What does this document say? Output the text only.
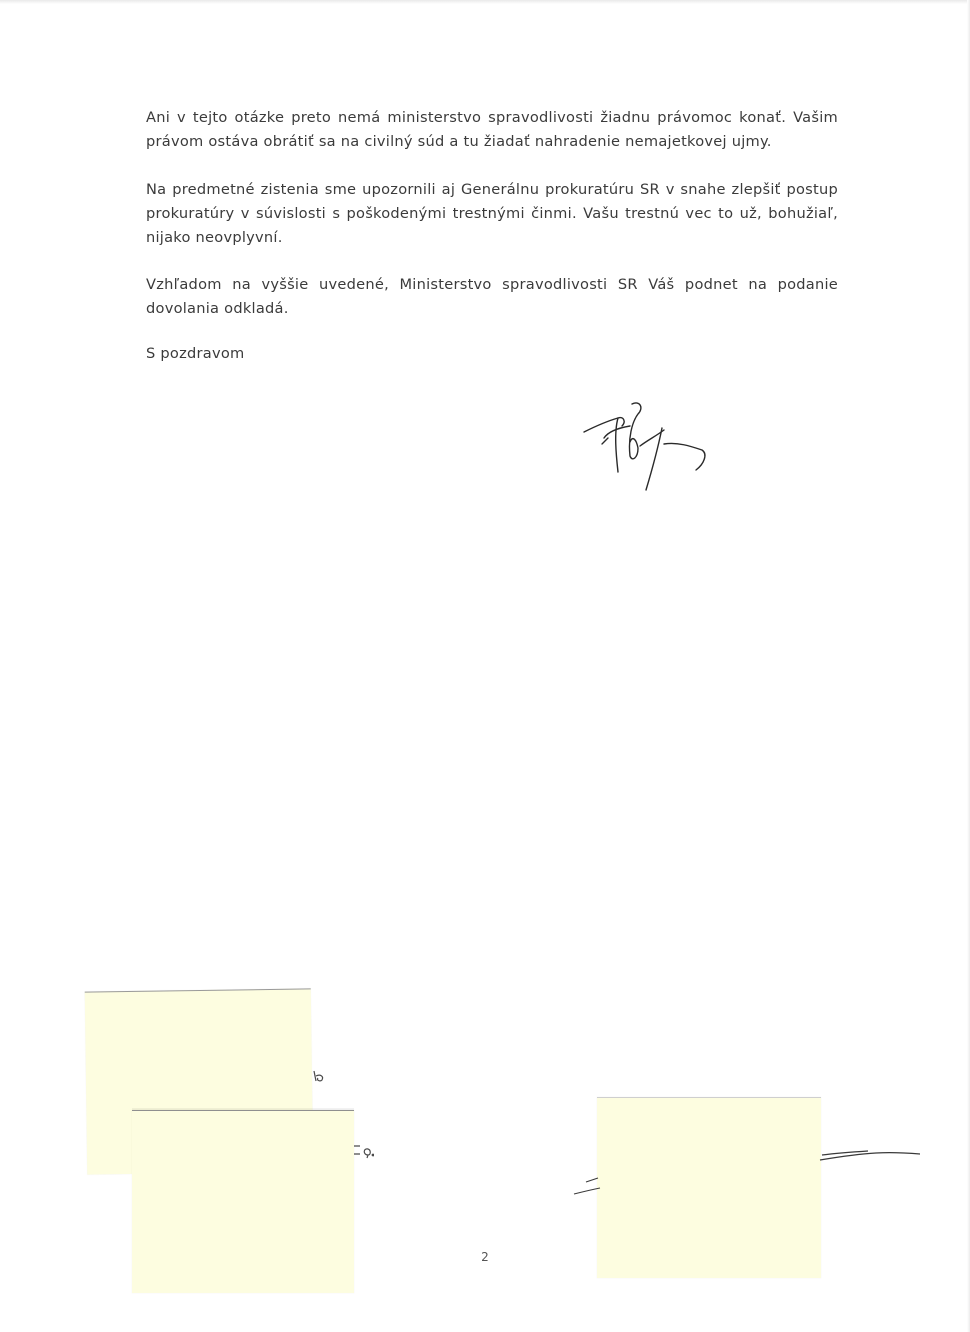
Ani v tejto otázke preto nemá ministerstvo spravodlivosti žiadnu právomoc konať. Vašim právom ostáva obrátiť sa na civilný súd a tu žiadať nahradenie nemajetkovej ujmy.

Na predmetné zistenia sme upozornili aj Generálnu prokuratúru SR v snahe zlepšiť postup prokuratúry v súvislosti s poškodenými trestnými činmi. Vašu trestnú vec to už, bohužiaľ, nijako neovplyvní.

Vzhľadom na vyššie uvedené, Ministerstvo spravodlivosti SR Váš podnet na podanie dovolania odkladá.

S pozdravom
2
